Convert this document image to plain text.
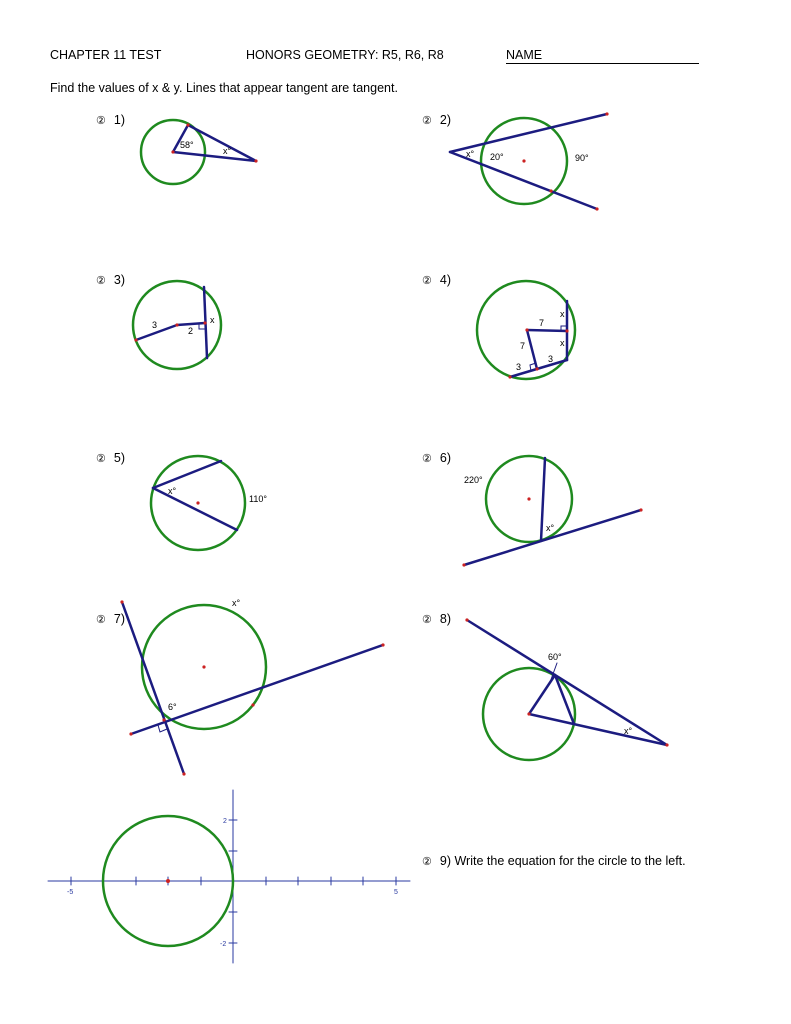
CHAPTER 11 TEST	HONORS GEOMETRY: R5, R6, R8	NAME
Find the values of x & y. Lines that appear tangent are tangent.
② 1)	② 2)
② 3)	② 4)
② 5)	② 6)
② 7)	② 8)
② 9) Write the equation for the circle to the left.
58°
x°	x° 20°	90°
3
2
x	7
x
x
7
3
3
x°
110°
220°
x°
x°
6°
60°
x°
-5	5
2
-2
